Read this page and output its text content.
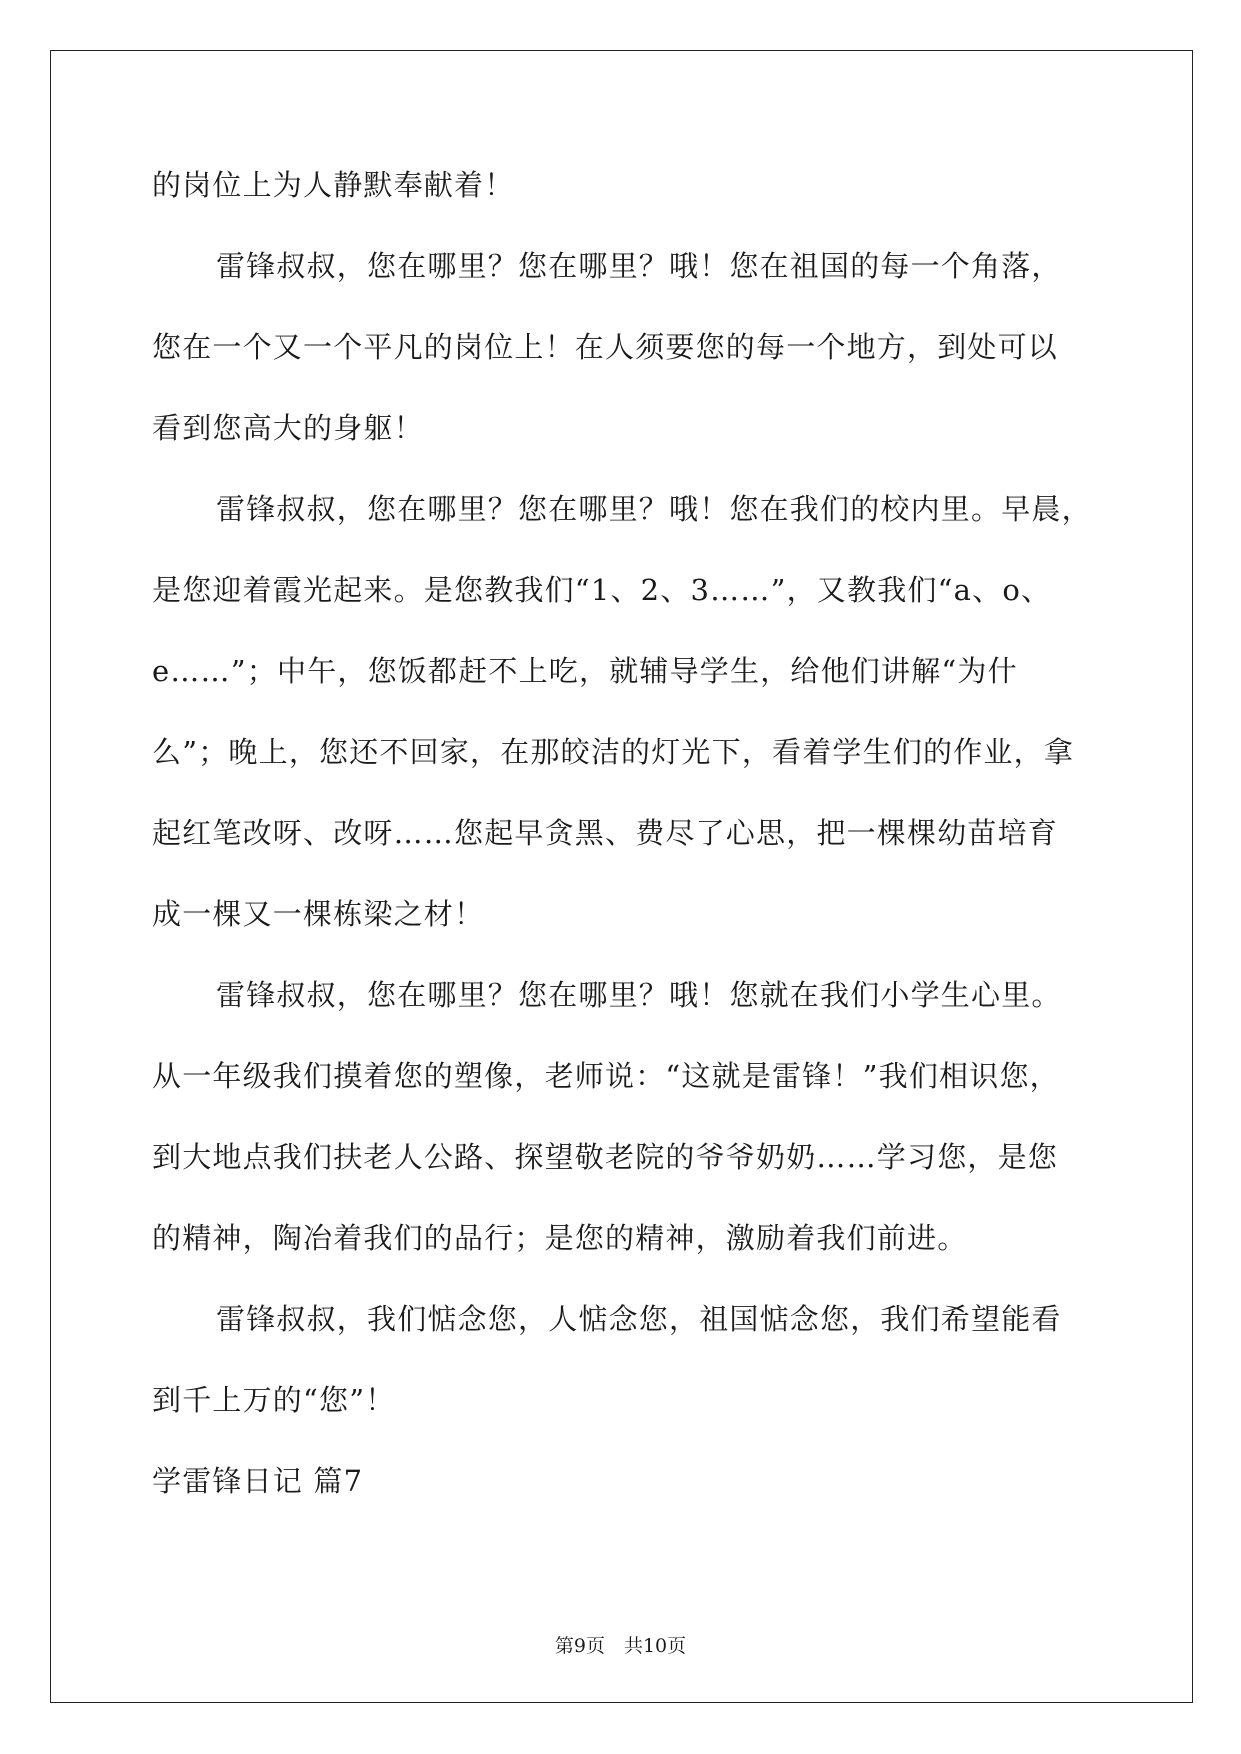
的岗位上为人静默奉献着！
雷锋叔叔，您在哪里？您在哪里？哦！您在祖国的每一个角落，
您在一个又一个平凡的岗位上！在人须要您的每一个地方，到处可以
看到您高大的身躯！
雷锋叔叔，您在哪里？您在哪里？哦！您在我们的校内里。早晨，
是您迎着霞光起来。是您教我们“1、2、3……”，又教我们“a、o、
e……”；中午，您饭都赶不上吃，就辅导学生，给他们讲解“为什
么”；晚上，您还不回家，在那皎洁的灯光下，看着学生们的作业，拿
起红笔改呀、改呀……您起早贪黑、费尽了心思，把一棵棵幼苗培育
成一棵又一棵栋梁之材！
雷锋叔叔，您在哪里？您在哪里？哦！您就在我们小学生心里。
从一年级我们摸着您的塑像，老师说：“这就是雷锋！”我们相识您，
到大地点我们扶老人公路、探望敬老院的爷爷奶奶……学习您，是您
的精神，陶冶着我们的品行；是您的精神，激励着我们前进。
雷锋叔叔，我们惦念您，人惦念您，祖国惦念您，我们希望能看
到千上万的“您”！
学雷锋日记 篇7
第9页　共10页
